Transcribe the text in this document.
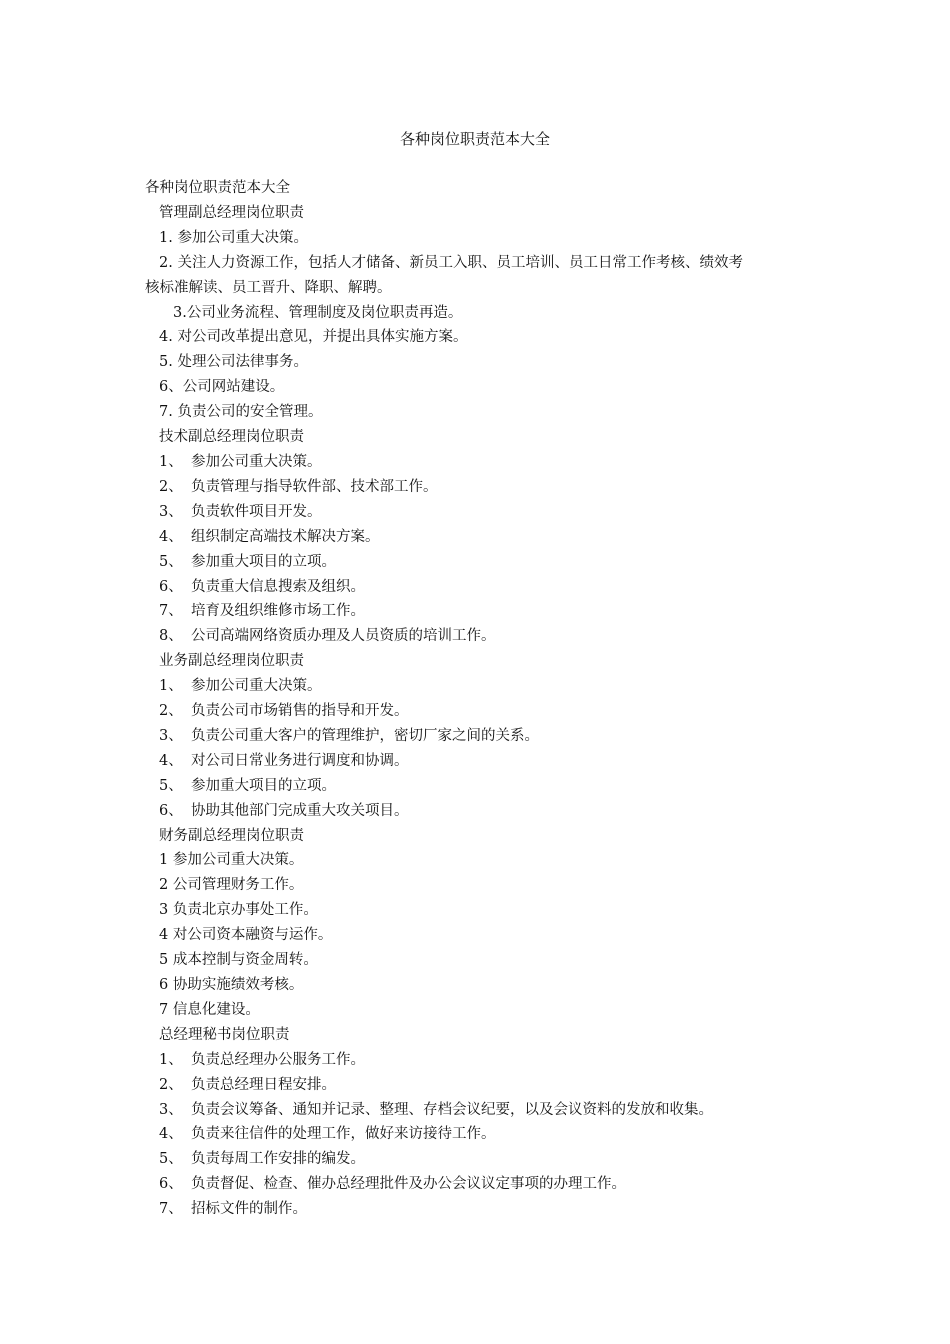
各种岗位职责范本大全
各种岗位职责范本大全
管理副总经理岗位职责
1. 参加公司重大决策。
2. 关注人力资源工作，包括人才储备、新员工入职、员工培训、员工日常工作考核、绩效考
核标准解读、员工晋升、降职、解聘。
3.公司业务流程、管理制度及岗位职责再造。
4. 对公司改革提出意见，并提出具体实施方案。
5. 处理公司法律事务。
6、公司网站建设。
7. 负责公司的安全管理。
技术副总经理岗位职责
1、 参加公司重大决策。
2、 负责管理与指导软件部、技术部工作。
3、 负责软件项目开发。
4、 组织制定高端技术解决方案。
5、 参加重大项目的立项。
6、 负责重大信息搜索及组织。
7、 培育及组织维修市场工作。
8、 公司高端网络资质办理及人员资质的培训工作。
业务副总经理岗位职责
1、 参加公司重大决策。
2、 负责公司市场销售的指导和开发。
3、 负责公司重大客户的管理维护，密切厂家之间的关系。
4、 对公司日常业务进行调度和协调。
5、 参加重大项目的立项。
6、 协助其他部门完成重大攻关项目。
财务副总经理岗位职责
1 参加公司重大决策。
2 公司管理财务工作。
3 负责北京办事处工作。
4 对公司资本融资与运作。
5 成本控制与资金周转。
6 协助实施绩效考核。
7 信息化建设。
总经理秘书岗位职责
1、 负责总经理办公服务工作。
2、 负责总经理日程安排。
3、 负责会议筹备、通知并记录、整理、存档会议纪要，以及会议资料的发放和收集。
4、 负责来往信件的处理工作，做好来访接待工作。
5、 负责每周工作安排的编发。
6、 负责督促、检查、催办总经理批件及办公会议议定事项的办理工作。
7、 招标文件的制作。
